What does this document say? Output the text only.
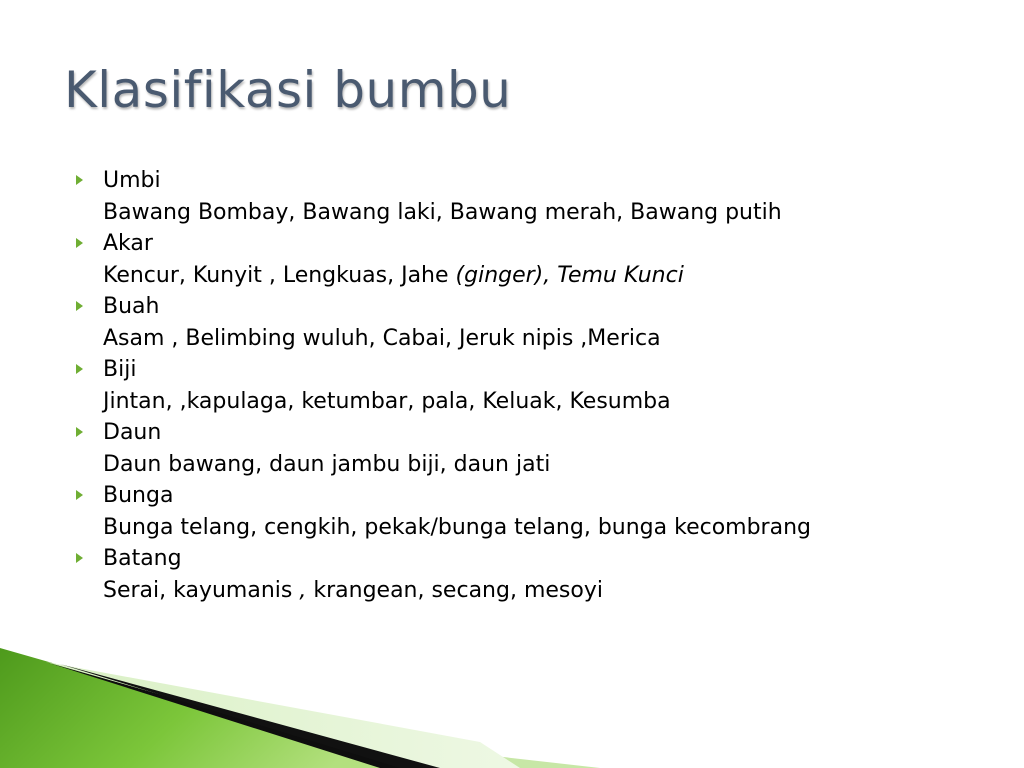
Klasifikasi bumbu
Umbi
Bawang Bombay, Bawang laki, Bawang merah, Bawang putih
Akar
Kencur, Kunyit , Lengkuas, Jahe (ginger), Temu Kunci
Buah
Asam , Belimbing wuluh, Cabai, Jeruk nipis ,Merica
Biji
Jintan, ,kapulaga, ketumbar, pala, Keluak, Kesumba
Daun
Daun bawang, daun jambu biji, daun jati
Bunga
Bunga telang, cengkih, pekak/bunga telang, bunga kecombrang
Batang
Serai, kayumanis , krangean, secang, mesoyi
